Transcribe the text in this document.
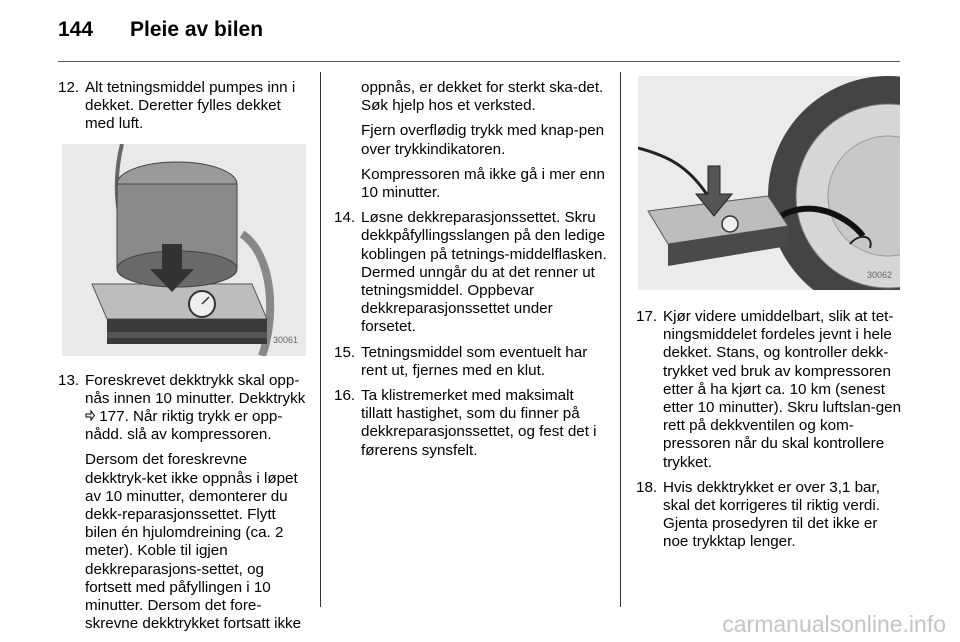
144 Pleie av bilen
12. Alt tetningsmiddel pumpes inn i dekket. Deretter fylles dekket med luft.
30061
13. Foreskrevet dekktrykk skal opp-nås innen 10 minutter. Dekktrykk  177. Når riktig trykk er opp-nådd. slå av kompressoren.
Dersom det foreskrevne dekktryk-ket ikke oppnås i løpet av 10 minutter, demonterer du dekk-reparasjonssettet. Flytt bilen én hjulomdreining (ca. 2 meter). Koble til igjen dekkreparasjons-settet, og fortsett med påfyllingen i 10 minutter. Dersom det fore-skrevne dekktrykket fortsatt ikke
oppnås, er dekket for sterkt ska-det. Søk hjelp hos et verksted.
Fjern overflødig trykk med knap-pen over trykkindikatoren.
Kompressoren må ikke gå i mer enn 10 minutter.
14. Løsne dekkreparasjonssettet. Skru dekkpåfyllingsslangen på den ledige koblingen på tetnings-middelflasken. Dermed unngår du at det renner ut tetningsmiddel. Oppbevar dekkreparasjonssettet under forsetet.
15. Tetningsmiddel som eventuelt har rent ut, fjernes med en klut.
16. Ta klistremerket med maksimalt tillatt hastighet, som du finner på dekkreparasjonssettet, og fest det i førerens synsfelt.
30062
17. Kjør videre umiddelbart, slik at tet-ningsmiddelet fordeles jevnt i hele dekket. Stans, og kontroller dekk-trykket ved bruk av kompressoren etter å ha kjørt ca. 10 km (senest etter 10 minutter). Skru luftslan-gen rett på dekkventilen og kom-pressoren når du skal kontrollere trykket.
18. Hvis dekktrykket er over 3,1 bar, skal det korrigeres til riktig verdi. Gjenta prosedyren til det ikke er noe trykktap lenger.
carmanualsonline.info
